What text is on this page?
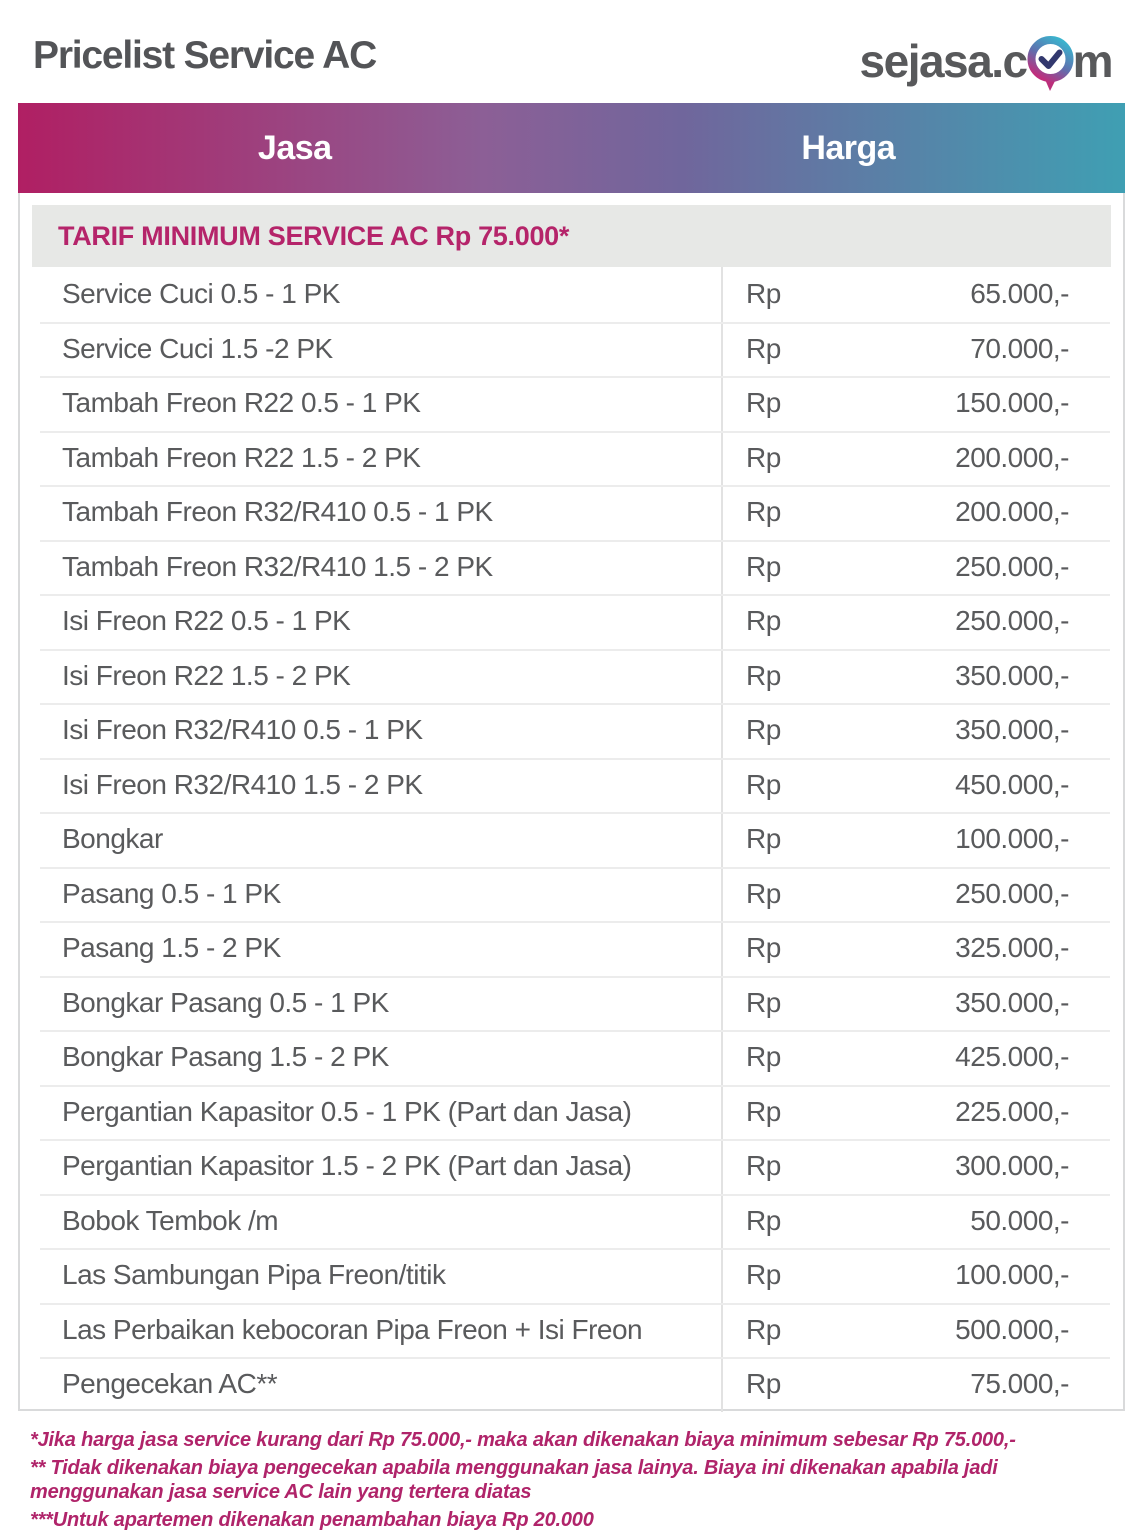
Pricelist Service AC	sejasa.c m
Jasa	Harga
TARIF MINIMUM SERVICE AC Rp 75.000*
Service Cuci 0.5 - 1 PK	Rp	65.000,-
Service Cuci 1.5 -2 PK	Rp	70.000,-
Tambah Freon R22 0.5 - 1 PK	Rp	150.000,-
Tambah Freon R22 1.5 - 2 PK	Rp	200.000,-
Tambah Freon R32/R410 0.5 - 1 PK	Rp	200.000,-
Tambah Freon R32/R410 1.5 - 2 PK	Rp	250.000,-
Isi Freon R22 0.5 - 1 PK	Rp	250.000,-
Isi Freon R22 1.5 - 2 PK	Rp	350.000,-
Isi Freon R32/R410 0.5 - 1 PK	Rp	350.000,-
Isi Freon R32/R410 1.5 - 2 PK	Rp	450.000,-
Bongkar	Rp	100.000,-
Pasang 0.5 - 1 PK	Rp	250.000,-
Pasang 1.5 - 2 PK	Rp	325.000,-
Bongkar Pasang 0.5 - 1 PK	Rp	350.000,-
Bongkar Pasang 1.5 - 2 PK	Rp	425.000,-
Pergantian Kapasitor 0.5 - 1 PK (Part dan Jasa)	Rp	225.000,-
Pergantian Kapasitor 1.5 - 2 PK (Part dan Jasa)	Rp	300.000,-
Bobok Tembok /m	Rp	50.000,-
Las Sambungan Pipa Freon/titik	Rp	100.000,-
Las Perbaikan kebocoran Pipa Freon + Isi Freon	Rp	500.000,-
Pengecekan AC**	Rp	75.000,-

*Jika harga jasa service kurang dari Rp 75.000,- maka akan dikenakan biaya minimum sebesar Rp 75.000,-

** Tidak dikenakan biaya pengecekan apabila menggunakan jasa lainya. Biaya ini dikenakan apabila jadi menggunakan jasa service AC lain yang tertera diatas

***Untuk apartemen dikenakan penambahan biaya Rp 20.000
